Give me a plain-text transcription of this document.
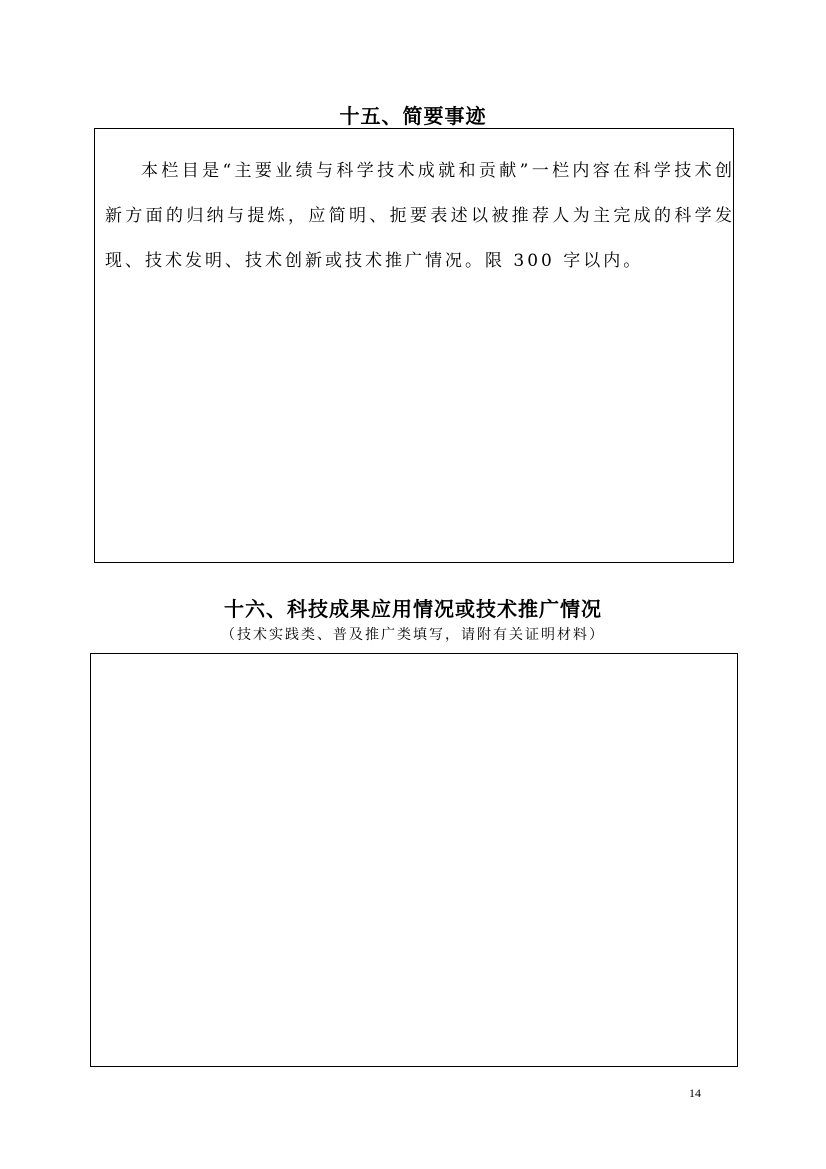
十五、简要事迹
本栏目是“主要业绩与科学技术成就和贡献”一栏内容在科学技术创新方面的归纳与提炼，应简明、扼要表述以被推荐人为主完成的科学发现、技术发明、技术创新或技术推广情况。限 300 字以内。
十六、科技成果应用情况或技术推广情况
（技术实践类、普及推广类填写，请附有关证明材料）
14
